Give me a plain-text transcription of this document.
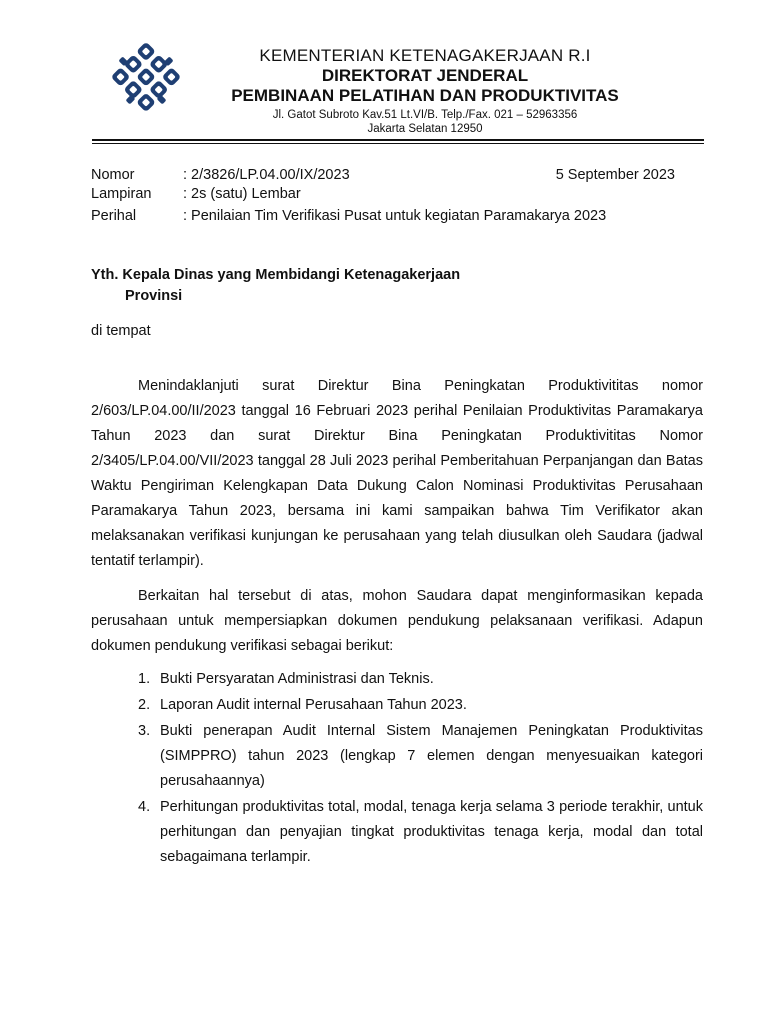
KEMENTERIAN KETENAGAKERJAAN R.I
DIREKTORAT JENDERAL
PEMBINAAN PELATIHAN DAN PRODUKTIVITAS
Jl. Gatot Subroto Kav.51 Lt.VI/B. Telp./Fax. 021 – 52963356
Jakarta Selatan 12950
Nomor	: 2/3826/LP.04.00/IX/2023	5 September 2023
Lampiran : 2s (satu) Lembar
Perihal	: Penilaian Tim Verifikasi Pusat untuk kegiatan Paramakarya 2023
Yth. Kepala Dinas yang Membidangi Ketenagakerjaan
Provinsi
di tempat

Menindaklanjuti surat Direktur Bina Peningkatan Produktivititas nomor 2/603/LP.04.00/II/2023 tanggal 16 Februari 2023 perihal Penilaian Produktivitas Paramakarya Tahun 2023 dan surat Direktur Bina Peningkatan Produktivititas Nomor 2/3405/LP.04.00/VII/2023 tanggal 28 Juli 2023 perihal Pemberitahuan Perpanjangan dan Batas Waktu Pengiriman Kelengkapan Data Dukung Calon Nominasi Produktivitas Perusahaan Paramakarya Tahun 2023, bersama ini kami sampaikan bahwa Tim Verifikator akan melaksanakan verifikasi kunjungan ke perusahaan yang telah diusulkan oleh Saudara (jadwal tentatif terlampir).

Berkaitan hal tersebut di atas, mohon Saudara dapat menginformasikan kepada perusahaan untuk mempersiapkan dokumen pendukung pelaksanaan verifikasi. Adapun dokumen pendukung verifikasi sebagai berikut:

1. Bukti Persyaratan Administrasi dan Teknis.
2. Laporan Audit internal Perusahaan Tahun 2023.
3. Bukti penerapan Audit Internal Sistem Manajemen Peningkatan Produktivitas (SIMPPRO) tahun 2023 (lengkap 7 elemen dengan menyesuaikan kategori perusahaannya)
4. Perhitungan produktivitas total, modal, tenaga kerja selama 3 periode terakhir, untuk perhitungan dan penyajian tingkat produktivitas tenaga kerja, modal dan total sebagaimana terlampir.
